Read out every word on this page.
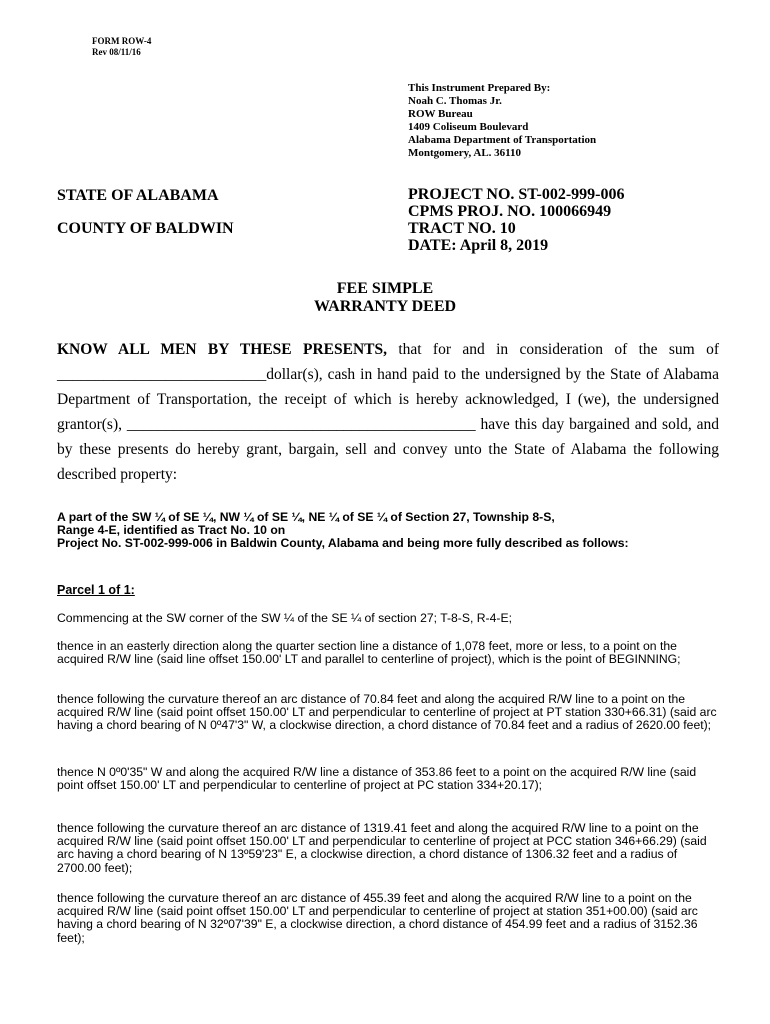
FORM ROW-4
Rev 08/11/16
This Instrument Prepared By:
Noah C. Thomas Jr.
ROW Bureau
1409 Coliseum Boulevard
Alabama Department of Transportation
Montgomery, AL. 36110
STATE OF ALABAMA
COUNTY OF BALDWIN
PROJECT NO. ST-002-999-006
CPMS PROJ. NO. 100066949
TRACT NO. 10
DATE: April 8, 2019
FEE SIMPLE
WARRANTY DEED
KNOW ALL MEN BY THESE PRESENTS, that for and in consideration of the sum of ___________________________dollar(s), cash in hand paid to the undersigned by the State of Alabama Department of Transportation, the receipt of which is hereby acknowledged, I (we), the undersigned grantor(s), _____________________________________________ have this day bargained and sold, and by these presents do hereby grant, bargain, sell and convey unto the State of Alabama the following described property:
A part of the SW ¼ of SE ¼, NW ¼ of SE ¼, NE ¼ of SE ¼ of Section 27, Township 8-S,
Range 4-E, identified as Tract No. 10 on
Project No. ST-002-999-006 in Baldwin County, Alabama and being more fully described as follows:
Parcel 1 of 1:
Commencing at the SW corner of the SW ¼ of the SE ¼ of section 27; T-8-S, R-4-E;
thence in an easterly direction along the quarter section line a distance of 1,078 feet, more or less, to a point on the acquired R/W line (said line offset 150.00' LT and parallel to centerline of project), which is the point of BEGINNING;
thence following the curvature thereof an arc distance of 70.84 feet and along the acquired R/W line to a point on the acquired R/W line (said point offset 150.00' LT and perpendicular to centerline of project at PT station 330+66.31) (said arc having a chord bearing of N 0º47'3" W, a clockwise direction, a chord distance of 70.84 feet and a radius of 2620.00 feet);
thence N 0º0'35" W and along the acquired R/W line a distance of 353.86 feet to a point on the acquired R/W line (said point offset 150.00' LT and perpendicular to centerline of project at PC station 334+20.17);
thence following the curvature thereof an arc distance of 1319.41 feet and along the acquired R/W line to a point on the acquired R/W line (said point offset 150.00' LT and perpendicular to centerline of project at PCC station 346+66.29) (said arc having a chord bearing of N 13º59'23" E, a clockwise direction, a chord distance of 1306.32 feet and a radius of 2700.00 feet);
thence following the curvature thereof an arc distance of 455.39 feet and along the acquired R/W line to a point on the acquired R/W line (said point offset 150.00' LT and perpendicular to centerline of project at station 351+00.00) (said arc having a chord bearing of N 32º07'39" E, a clockwise direction, a chord distance of 454.99 feet and a radius of 3152.36 feet);
